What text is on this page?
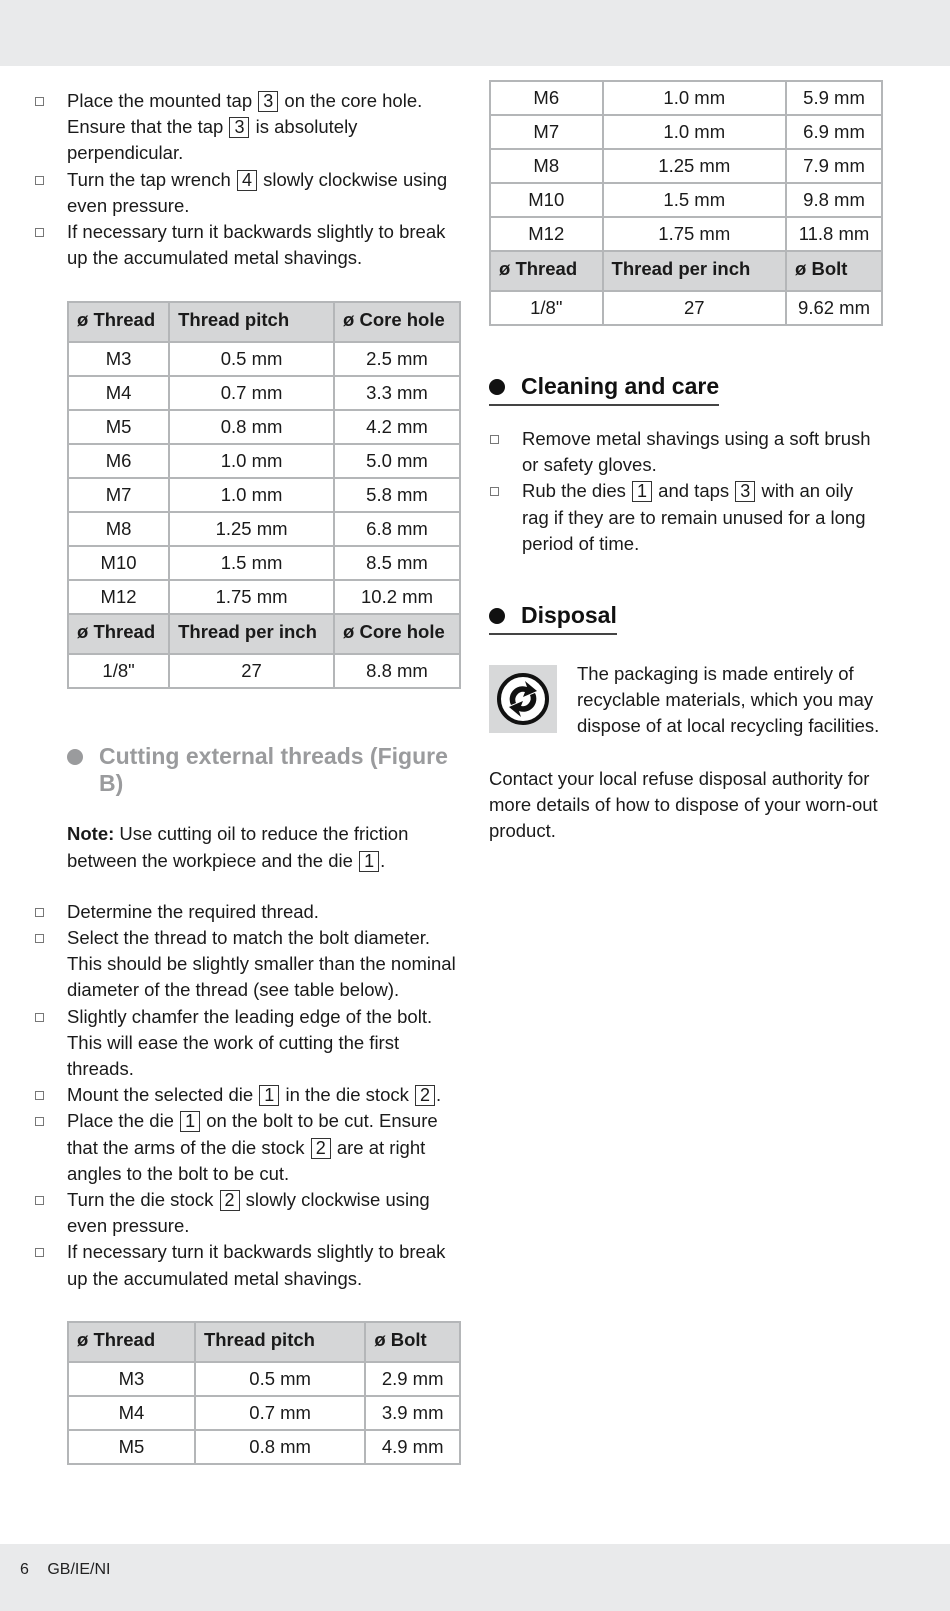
Place the mounted tap 3 on the core hole. Ensure that the tap 3 is absolutely perpendicular.
Turn the tap wrench 4 slowly clockwise using even pressure.
If necessary turn it backwards slightly to break up the accumulated metal shavings.
ø Thread	Thread pitch	ø Core hole
M3	0.5 mm	2.5 mm
M4	0.7 mm	3.3 mm
M5	0.8 mm	4.2 mm
M6	1.0 mm	5.0 mm
M7	1.0 mm	5.8 mm
M8	1.25 mm	6.8 mm
M10	1.5 mm	8.5 mm
M12	1.75 mm	10.2 mm
ø Thread	Thread per inch	ø Core hole
1/8"	27	8.8 mm
Cutting external threads (Figure B)

Note: Use cutting oil to reduce the friction between the workpiece and the die 1 .

Determine the required thread.
Select the thread to match the bolt diameter. This should be slightly smaller than the nominal diameter of the thread (see table below).
Slightly chamfer the leading edge of the bolt. This will ease the work of cutting the first threads.
Mount the selected die 1 in the die stock 2 .
Place the die 1 on the bolt to be cut. Ensure that the arms of the die stock 2 are at right angles to the bolt to be cut.
Turn the die stock 2 slowly clockwise using even pressure.
If necessary turn it backwards slightly to break up the accumulated metal shavings.
ø Thread	Thread pitch	ø Bolt
M3	0.5 mm	2.9 mm
M4	0.7 mm	3.9 mm
M5	0.8 mm	4.9 mm
M6	1.0 mm	5.9 mm
M7	1.0 mm	6.9 mm
M8	1.25 mm	7.9 mm
M10	1.5 mm	9.8 mm
M12	1.75 mm	11.8 mm
ø Thread	Thread per inch	ø Bolt
1/8"	27	9.62 mm
Cleaning and care
Remove metal shavings using a soft brush or safety gloves.
Rub the dies 1 and taps 3 with an oily rag if they are to remain unused for a long period of time.
Disposal

The packaging is made entirely of recyclable materials, which you may dispose of at local recycling facilities.

Contact your local refuse disposal authority for more details of how to dispose of your worn-out product.

6 GB/IE/NI
